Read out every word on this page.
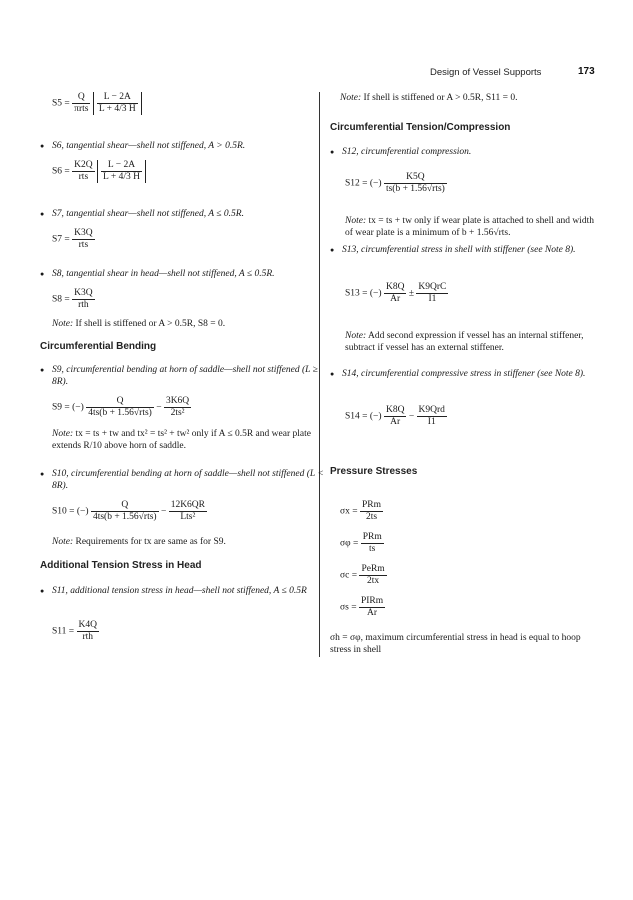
Design of Vessel Supports	173
$S5 = \frac{Q}{\text{πrts}}$
$\frac{L - 2A}{L + 4/3 H}$
● S6, tangential shear—shell not stiffened, A > 0.5R.
$S6 = \frac{K2Q}{\text{rts}}$
$\frac{L - 2A}{L + 4/3 H}$
● S7, tangential shear—shell not stiffened, A ≤ 0.5R.
$S7 = \frac{K3Q}{\text{rts}}$
● S8, tangential shear in head—shell not stiffened, A ≤ 0.5R.
$S8 = \frac{K3Q}{\text{rth}}$
Note: If shell is stiffened or A > 0.5R, S8 = 0.
Circumferential Bending
● S9, circumferential bending at horn of saddle—shell not stiffened (L ≥ 8R).
S9 = (−) $\frac{Q}{\text{4ts(b + 1.56√rts)}} - \frac{3K6Q}{\text{2ts²}}$
Note: tx = ts + tw and tx² = ts² + tw² only if A ≤ 0.5R and wear plate extends R/10 above horn of saddle.
● S10, circumferential bending at horn of saddle—shell not stiffened (L < 8R).
S10 = (−) $\frac{Q}{\text{4ts(b + 1.56√rts)}} - \frac{12K6QR}{\text{Lts²}}$
Note: Requirements for tx are same as for S9.
Additional Tension Stress in Head
● S11, additional tension stress in head—shell not stiffened, A ≤ 0.5R
$S11 = \frac{K4Q}{\text{rth}}$
Note: If shell is stiffened or A > 0.5R, S11 = 0.
Circumferential Tension/Compression
● S12, circumferential compression.
S12 = (−) $\frac{K5Q}{\text{ts(b + 1.56√rts)}}$
Note: tx = ts + tw only if wear plate is attached to shell and width of wear plate is a minimum of b + 1.56√rts.
● S13, circumferential stress in shell with stiffener (see Note 8).
S13 = (−) $\frac{K8Q}{Ar} \pm \frac{\text{K9QrC}}{I1}$
Note: Add second expression if vessel has an internal stiffener, subtract if vessel has an external stiffener.
● S14, circumferential compressive stress in stiffener (see Note 8).
S14 = (−) $\frac{K8Q}{Ar} - \frac{\text{K9Qrd}}{I1}$
Pressure Stresses
$\sigma x = \frac{\text{PRm}}{2ts}$
$\sigma\varphi = \frac{\text{PRm}}{ts}$
$\sigma c = \frac{\text{PeRm}}{2tx}$
$\sigma s = \frac{\text{PIRm}}{Ar}$
σh = σφ, maximum circumferential stress in head is equal to hoop stress in shell
